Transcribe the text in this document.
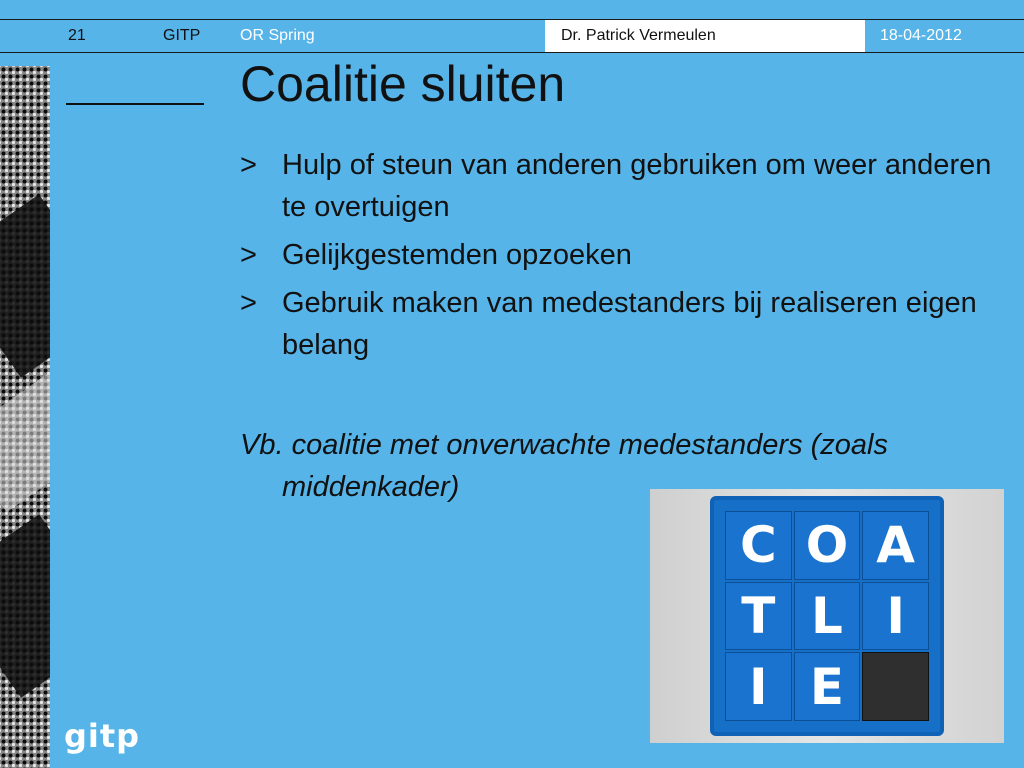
21	GITP OR Spring	Dr. Patrick Vermeulen	18-04-2012
Coalitie sluiten
> Hulp of steun van anderen gebruiken om weer anderen te overtuigen
> Gelijkgestemden opzoeken
> Gebruik maken van medestanders bij realiseren eigen belang

Vb. coalitie met onverwachte medestanders (zoals middenkader)

C O A
T L I
I E
gitp
